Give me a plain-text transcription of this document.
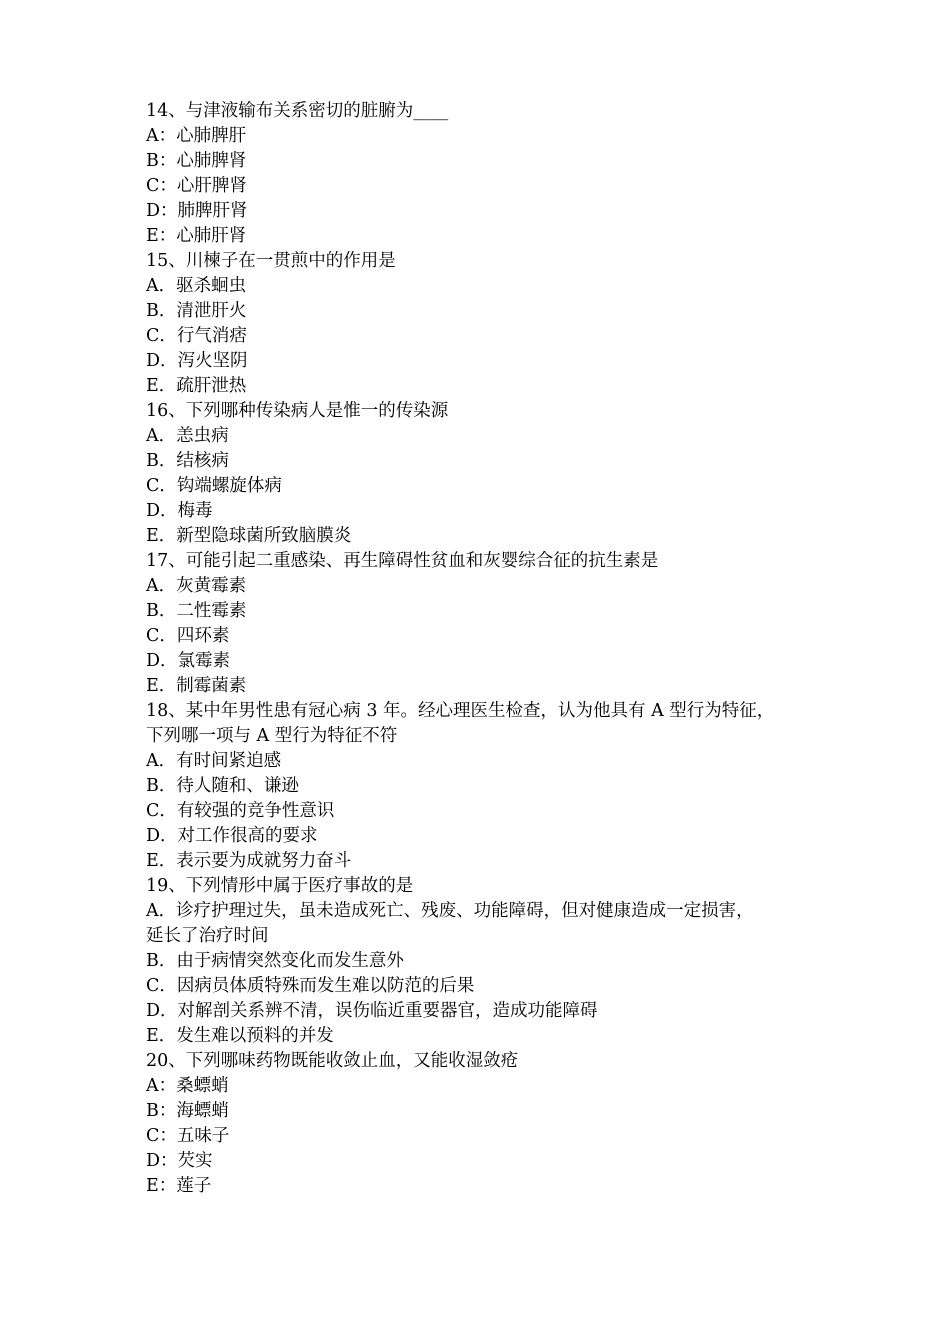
14、与津液输布关系密切的脏腑为____
A：心肺脾肝
B：心肺脾肾
C：心肝脾肾
D：肺脾肝肾
E：心肺肝肾
15、川楝子在一贯煎中的作用是
A．驱杀蛔虫
B．清泄肝火
C．行气消痞
D．泻火坚阴
E．疏肝泄热
16、下列哪种传染病人是惟一的传染源
A．恙虫病
B．结核病
C．钩端螺旋体病
D．梅毒
E．新型隐球菌所致脑膜炎
17、可能引起二重感染、再生障碍性贫血和灰婴综合征的抗生素是
A．灰黄霉素
B．二性霉素
C．四环素
D．氯霉素
E．制霉菌素
18、某中年男性患有冠心病 3 年。经心理医生检查，认为他具有 A 型行为特征，
下列哪一项与 A 型行为特征不符
A．有时间紧迫感
B．待人随和、谦逊
C．有较强的竞争性意识
D．对工作很高的要求
E．表示要为成就努力奋斗
19、下列情形中属于医疗事故的是
A．诊疗护理过失，虽未造成死亡、残废、功能障碍，但对健康造成一定损害，
延长了治疗时间
B．由于病情突然变化而发生意外
C．因病员体质特殊而发生难以防范的后果
D．对解剖关系辨不清，误伤临近重要器官，造成功能障碍
E．发生难以预料的并发
20、下列哪味药物既能收敛止血，又能收湿敛疮
A：桑螵蛸
B：海螵蛸
C：五味子
D：芡实
E：莲子
